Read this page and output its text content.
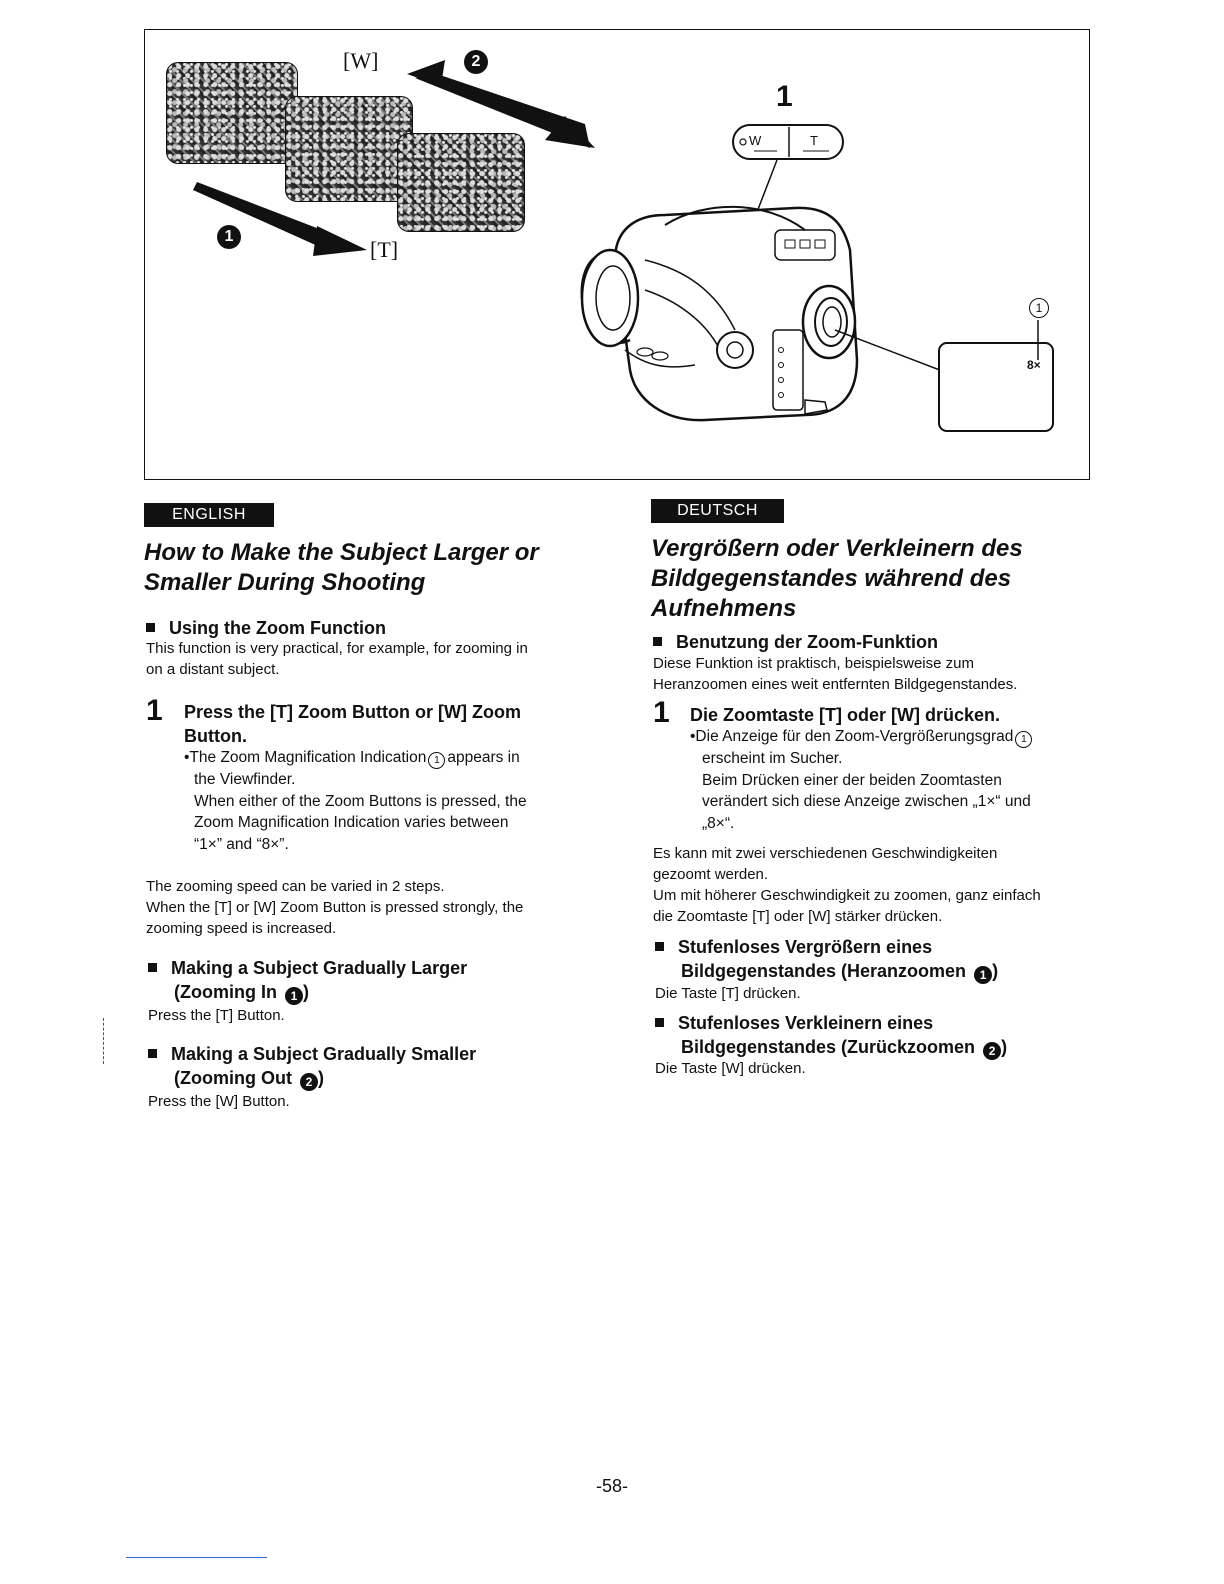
[W]	2
1
[T]
1
W	T
1
8×
ENGLISH
How to Make the Subject Larger or
Smaller During Shooting
Using the Zoom Function
This function is very practical, for example, for zooming in
on a distant subject.
1 Press the [T] Zoom Button or [W] Zoom
Button.
•The Zoom Magnification Indication 1 appears in
the Viewfinder.
When either of the Zoom Buttons is pressed, the
Zoom Magnification Indication varies between
“1×” and “8×”.
The zooming speed can be varied in 2 steps.
When the [T] or [W] Zoom Button is pressed strongly, the
zooming speed is increased.
Making a Subject Gradually Larger
(Zooming In 1 )
Press the [T] Button.
Making a Subject Gradually Smaller
(Zooming Out 2 )
Press the [W] Button.
DEUTSCH
Vergrößern oder Verkleinern des
Bildgegenstandes während des
Aufnehmens
Benutzung der Zoom-Funktion
Diese Funktion ist praktisch, beispielsweise zum
Heranzoomen eines weit entfernten Bildgegenstandes.
1 Die Zoomtaste [T] oder [W] drücken.
•Die Anzeige für den Zoom-Vergrößerungsgrad 1
erscheint im Sucher.
Beim Drücken einer der beiden Zoomtasten
verändert sich diese Anzeige zwischen „1×“ und
„8×“.
Es kann mit zwei verschiedenen Geschwindigkeiten
gezoomt werden.
Um mit höherer Geschwindigkeit zu zoomen, ganz einfach
die Zoomtaste [T] oder [W] stärker drücken.
Stufenloses Vergrößern eines
Bildgegenstandes (Heranzoomen 1 )
Die Taste [T] drücken.
Stufenloses Verkleinern eines
Bildgegenstandes (Zurückzoomen 2 )
Die Taste [W] drücken.
-58-
